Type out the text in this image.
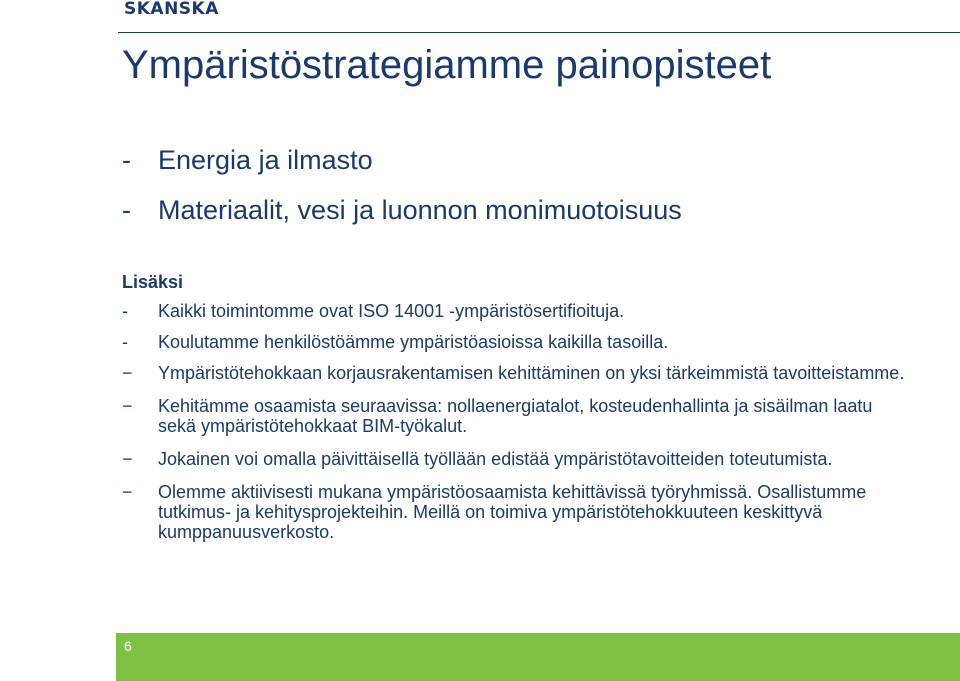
SKANSKA
Ympäristöstrategiamme painopisteet
- Energia ja ilmasto
- Materiaalit, vesi ja luonnon monimuotoisuus
Lisäksi
- Kaikki toimintomme ovat ISO 14001 -ympäristösertifioituja.
- Koulutamme henkilöstöämme ympäristöasioissa kaikilla tasoilla.
− Ympäristötehokkaan korjausrakentamisen kehittäminen on yksi tärkeimmistä tavoitteistamme.
− Kehitämme osaamista seuraavissa: nollaenergiatalot, kosteudenhallinta ja sisäilman laatu sekä ympäristötehokkaat BIM-työkalut.
− Jokainen voi omalla päivittäisellä työllään edistää ympäristötavoitteiden toteutumista.
− Olemme aktiivisesti mukana ympäristöosaamista kehittävissä työryhmissä. Osallistumme tutkimus- ja kehitysprojekteihin. Meillä on toimiva ympäristötehokkuuteen keskittyvä kumppanuusverkosto.
6
